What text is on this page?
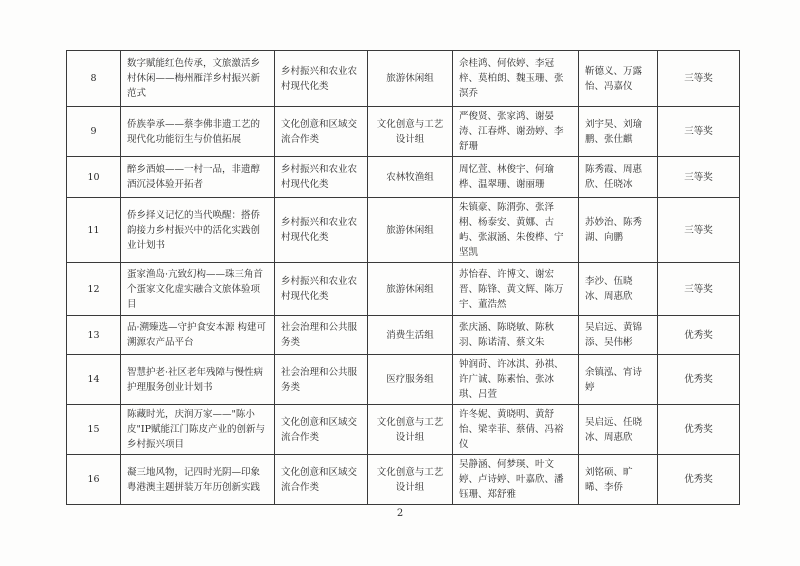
8	数字赋能红色传承，文旅激活乡村休闲——梅州雁洋乡村振兴新范式	乡村振兴和农业农村现代化类	旅游休闲组	佘桂鸿、何依婷、李冠梓、莫柏朗、魏玉珊、张溟乔	靳德义、万露怡、冯嘉仪	三等奖
9	侨族拳承——蔡李佛非遗工艺的现代化功能衍生与价值拓展	文化创意和区域交流合作类	文化创意与工艺设计组	严俊贤、张家鸿、谢晏涛、江春烨、谢劲婷、李舒珊	刘宇昊、刘瑜鹏、张仕麒	三等奖
10	醉乡酒娘——一村一品，非遗醇酒沉浸体验开拓者	乡村振兴和农业农村现代化类	农林牧渔组	周忆萱、林俊宇、何瑜桦、温翠珊、谢丽珊	陈秀霞、周惠欣、任晓冰	三等奖
11	侨乡择义记忆的当代唤醒：搭侨韵接力乡村振兴中的活化实践创业计划书	乡村振兴和农业农村现代化类	旅游休闲组	朱镇豪、陈渭弥、张泽栩、杨泰安、黄娜、古屿、张淑涵、朱俊桦、宁坚凯	苏妙治、陈秀湖、向鹏	三等奖
12	蛋家渔岛·亢致幻构——珠三角首个蛋家文化虚实融合文旅体验项目	乡村振兴和农业农村现代化类	旅游休闲组	苏怡春、许博文、谢宏晋、陈锋、黄文辉、陈万宇、董浩然	李沙、伍晓冰、周惠欣	三等奖
13	品·溯臻选—守护食安本源 构建可溯源农产品平台	社会治理和公共服务类	消费生活组	张庆涵、陈晓敏、陈秋羽、陈诺清、蔡文朱	吴启远、黄锦添、吴伟彬	优秀奖
14	智慧护老·社区老年残障与慢性病护理服务创业计划书	社会治理和公共服务类	医疗服务组	钟润莳、许冰淇、孙祺、许广诚、陈素怡、张冰琪、吕萱	余镇泓、宵诗婷	优秀奖
15	陈藏时光，庆润万家——"陈小皮"IP赋能江门陈皮产业的创新与乡村振兴项目	文化创意和区域交流合作类	文化创意与工艺设计组	许冬妮、黄晓明、黄舒怡、梁幸菲、蔡倩、冯裕仪	吴启远、任晓冰、周惠欣	优秀奖
16	凝三地风物，记四时光阴—印象粤港澳主题拼装万年历创新实践	文化创意和区域交流合作类	文化创意与工艺设计组	吴静涵、何梦瑛、叶文婷、卢诗婷、叶嘉欣、潘钰珊、郑舒雅	刘铭硕、旷晞、李侨	优秀奖
2
